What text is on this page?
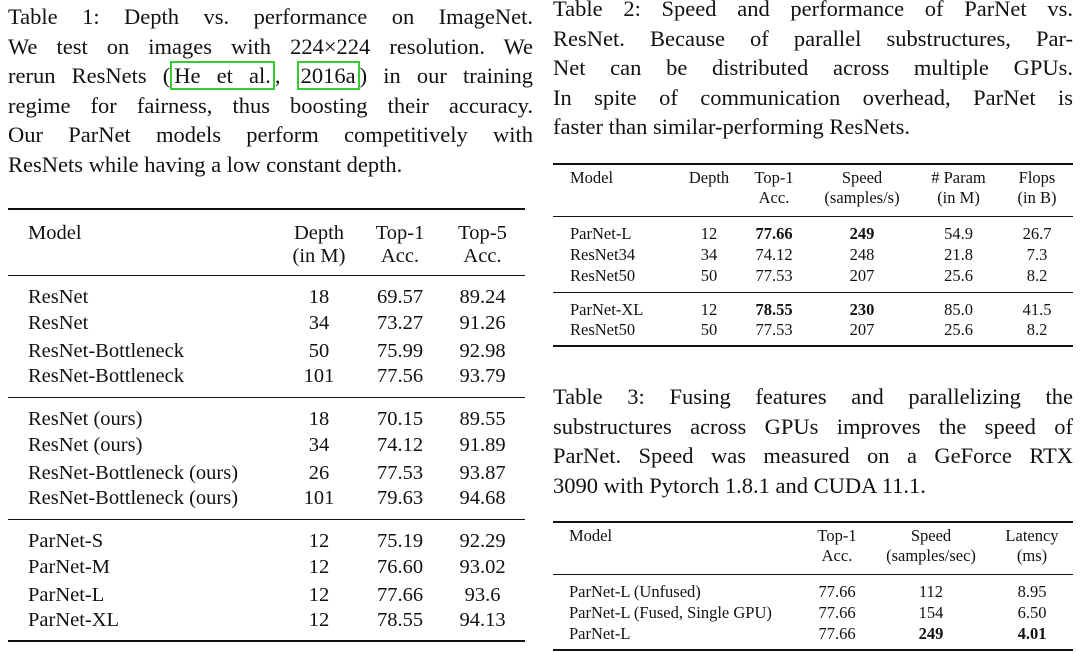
Table 1: Depth vs. performance on ImageNet.
We test on images with 224×224 resolution. We
rerun ResNets ( He et al. , 2016a ) in our training
regime for fairness, thus boosting their accuracy.
Our ParNet models perform competitively with
ResNets while having a low constant depth.
Model	Depth	Top-1	Top-5
	(in M)	Acc.	Acc.
ResNet	18	69.57	89.24
ResNet	34	73.27	91.26
ResNet-Bottleneck	50	75.99	92.98
ResNet-Bottleneck	101	77.56	93.79
ResNet (ours)	18	70.15	89.55
ResNet (ours)	34	74.12	91.89
ResNet-Bottleneck (ours)	26	77.53	93.87
ResNet-Bottleneck (ours)	101	79.63	94.68
ParNet-S	12	75.19	92.29
ParNet-M	12	76.60	93.02
ParNet-L	12	77.66	93.6
ParNet-XL	12	78.55	94.13
Table 2: Speed and performance of ParNet vs.
ResNet. Because of parallel substructures, Par-
Net can be distributed across multiple GPUs.
In spite of communication overhead, ParNet is
faster than similar-performing ResNets.
Model	Depth	Top-1	Speed	# Param	Flops
		Acc.	(samples/s)	(in M)	(in B)
ParNet-L	12	77.66	249	54.9	26.7
ResNet34	34	74.12	248	21.8	7.3
ResNet50	50	77.53	207	25.6	8.2
ParNet-XL	12	78.55	230	85.0	41.5
ResNet50	50	77.53	207	25.6	8.2
Table 3: Fusing features and parallelizing the
substructures across GPUs improves the speed of
ParNet. Speed was measured on a GeForce RTX
3090 with Pytorch 1.8.1 and CUDA 11.1.
Model	Top-1	Speed	Latency
	Acc.	(samples/sec)	(ms)
ParNet-L (Unfused)	77.66	112	8.95
ParNet-L (Fused, Single GPU)	77.66	154	6.50
ParNet-L	77.66	249	4.01
